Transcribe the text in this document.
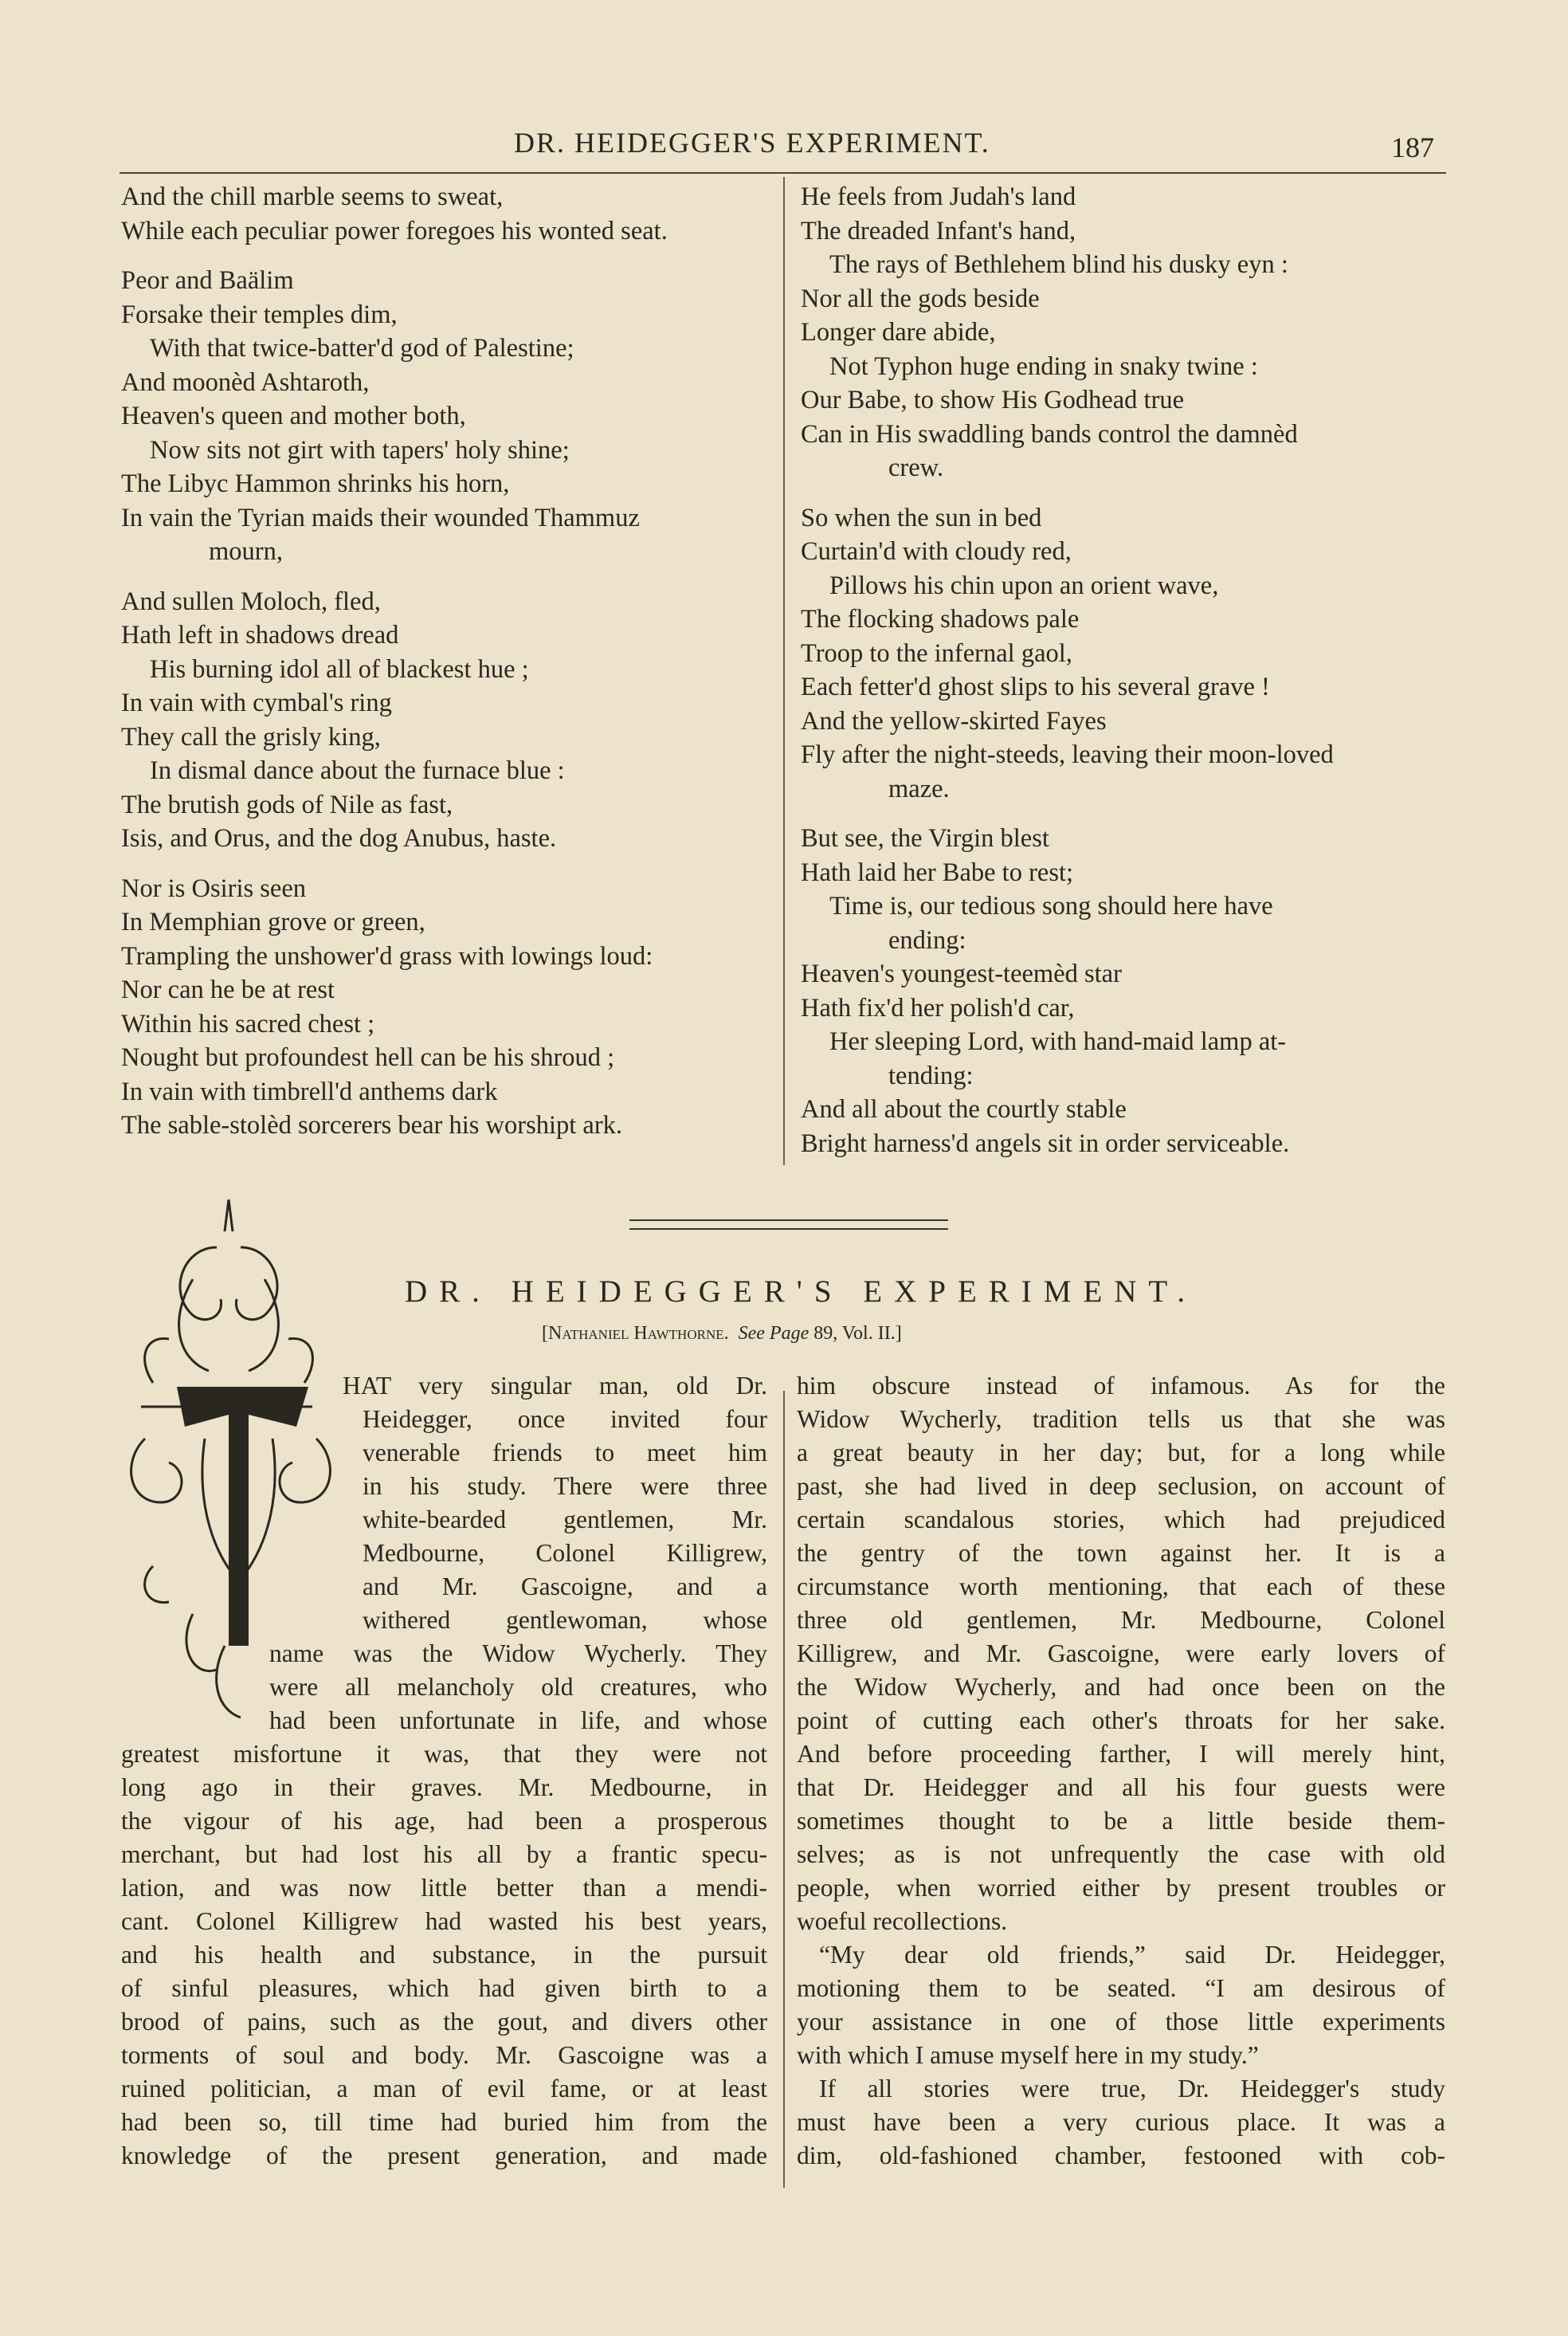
DR. HEIDEGGER'S EXPERIMENT.	187
And the chill marble seems to sweat,
While each peculiar power foregoes his wonted seat.
Peor and Baälim
Forsake their temples dim,
With that twice-batter'd god of Palestine;
And moonèd Ashtaroth,
Heaven's queen and mother both,
Now sits not girt with tapers' holy shine;
The Libyc Hammon shrinks his horn,
In vain the Tyrian maids their wounded Thammuz
mourn,
And sullen Moloch, fled,
Hath left in shadows dread
His burning idol all of blackest hue ;
In vain with cymbal's ring
They call the grisly king,
In dismal dance about the furnace blue :
The brutish gods of Nile as fast,
Isis, and Orus, and the dog Anubus, haste.
Nor is Osiris seen
In Memphian grove or green,
Trampling the unshower'd grass with lowings loud:
Nor can he be at rest
Within his sacred chest ;
Nought but profoundest hell can be his shroud ;
In vain with timbrell'd anthems dark
The sable-stolèd sorcerers bear his worshipt ark.
He feels from Judah's land
The dreaded Infant's hand,
The rays of Bethlehem blind his dusky eyn :
Nor all the gods beside
Longer dare abide,
Not Typhon huge ending in snaky twine :
Our Babe, to show His Godhead true
Can in His swaddling bands control the damnèd
crew.
So when the sun in bed
Curtain'd with cloudy red,
Pillows his chin upon an orient wave,
The flocking shadows pale
Troop to the infernal gaol,
Each fetter'd ghost slips to his several grave !
And the yellow-skirted Fayes
Fly after the night-steeds, leaving their moon-loved
maze.
But see, the Virgin blest
Hath laid her Babe to rest;
Time is, our tedious song should here have
ending:
Heaven's youngest-teemèd star
Hath fix'd her polish'd car,
Her sleeping Lord, with hand-maid lamp at-
tending:
And all about the courtly stable
Bright harness'd angels sit in order serviceable.
DR. HEIDEGGER'S EXPERIMENT.
[Nathaniel Hawthorne. See Page 89, Vol. II.]
T
HAT very singular man, old Dr.
Heidegger, once invited four
venerable friends to meet him
in his study. There were three
white-bearded gentlemen, Mr.
Medbourne, Colonel Killigrew,
and Mr. Gascoigne, and a
withered gentlewoman, whose
name was the Widow Wycherly. They
were all melancholy old creatures, who
had been unfortunate in life, and whose
greatest misfortune it was, that they were not
long ago in their graves. Mr. Medbourne, in
the vigour of his age, had been a prosperous
merchant, but had lost his all by a frantic specu-
lation, and was now little better than a mendi-
cant. Colonel Killigrew had wasted his best years,
and his health and substance, in the pursuit
of sinful pleasures, which had given birth to a
brood of pains, such as the gout, and divers other
torments of soul and body. Mr. Gascoigne was a
ruined politician, a man of evil fame, or at least
had been so, till time had buried him from the
knowledge of the present generation, and made
him obscure instead of infamous. As for the
Widow Wycherly, tradition tells us that she was
a great beauty in her day; but, for a long while
past, she had lived in deep seclusion, on account of
certain scandalous stories, which had prejudiced
the gentry of the town against her. It is a
circumstance worth mentioning, that each of these
three old gentlemen, Mr. Medbourne, Colonel
Killigrew, and Mr. Gascoigne, were early lovers of
the Widow Wycherly, and had once been on the
point of cutting each other's throats for her sake.
And before proceeding farther, I will merely hint,
that Dr. Heidegger and all his four guests were
sometimes thought to be a little beside them-
selves; as is not unfrequently the case with old
people, when worried either by present troubles or
woeful recollections.
“My dear old friends,” said Dr. Heidegger,
motioning them to be seated. “I am desirous of
your assistance in one of those little experiments
with which I amuse myself here in my study.”
If all stories were true, Dr. Heidegger's study
must have been a very curious place. It was a
dim, old-fashioned chamber, festooned with cob-
